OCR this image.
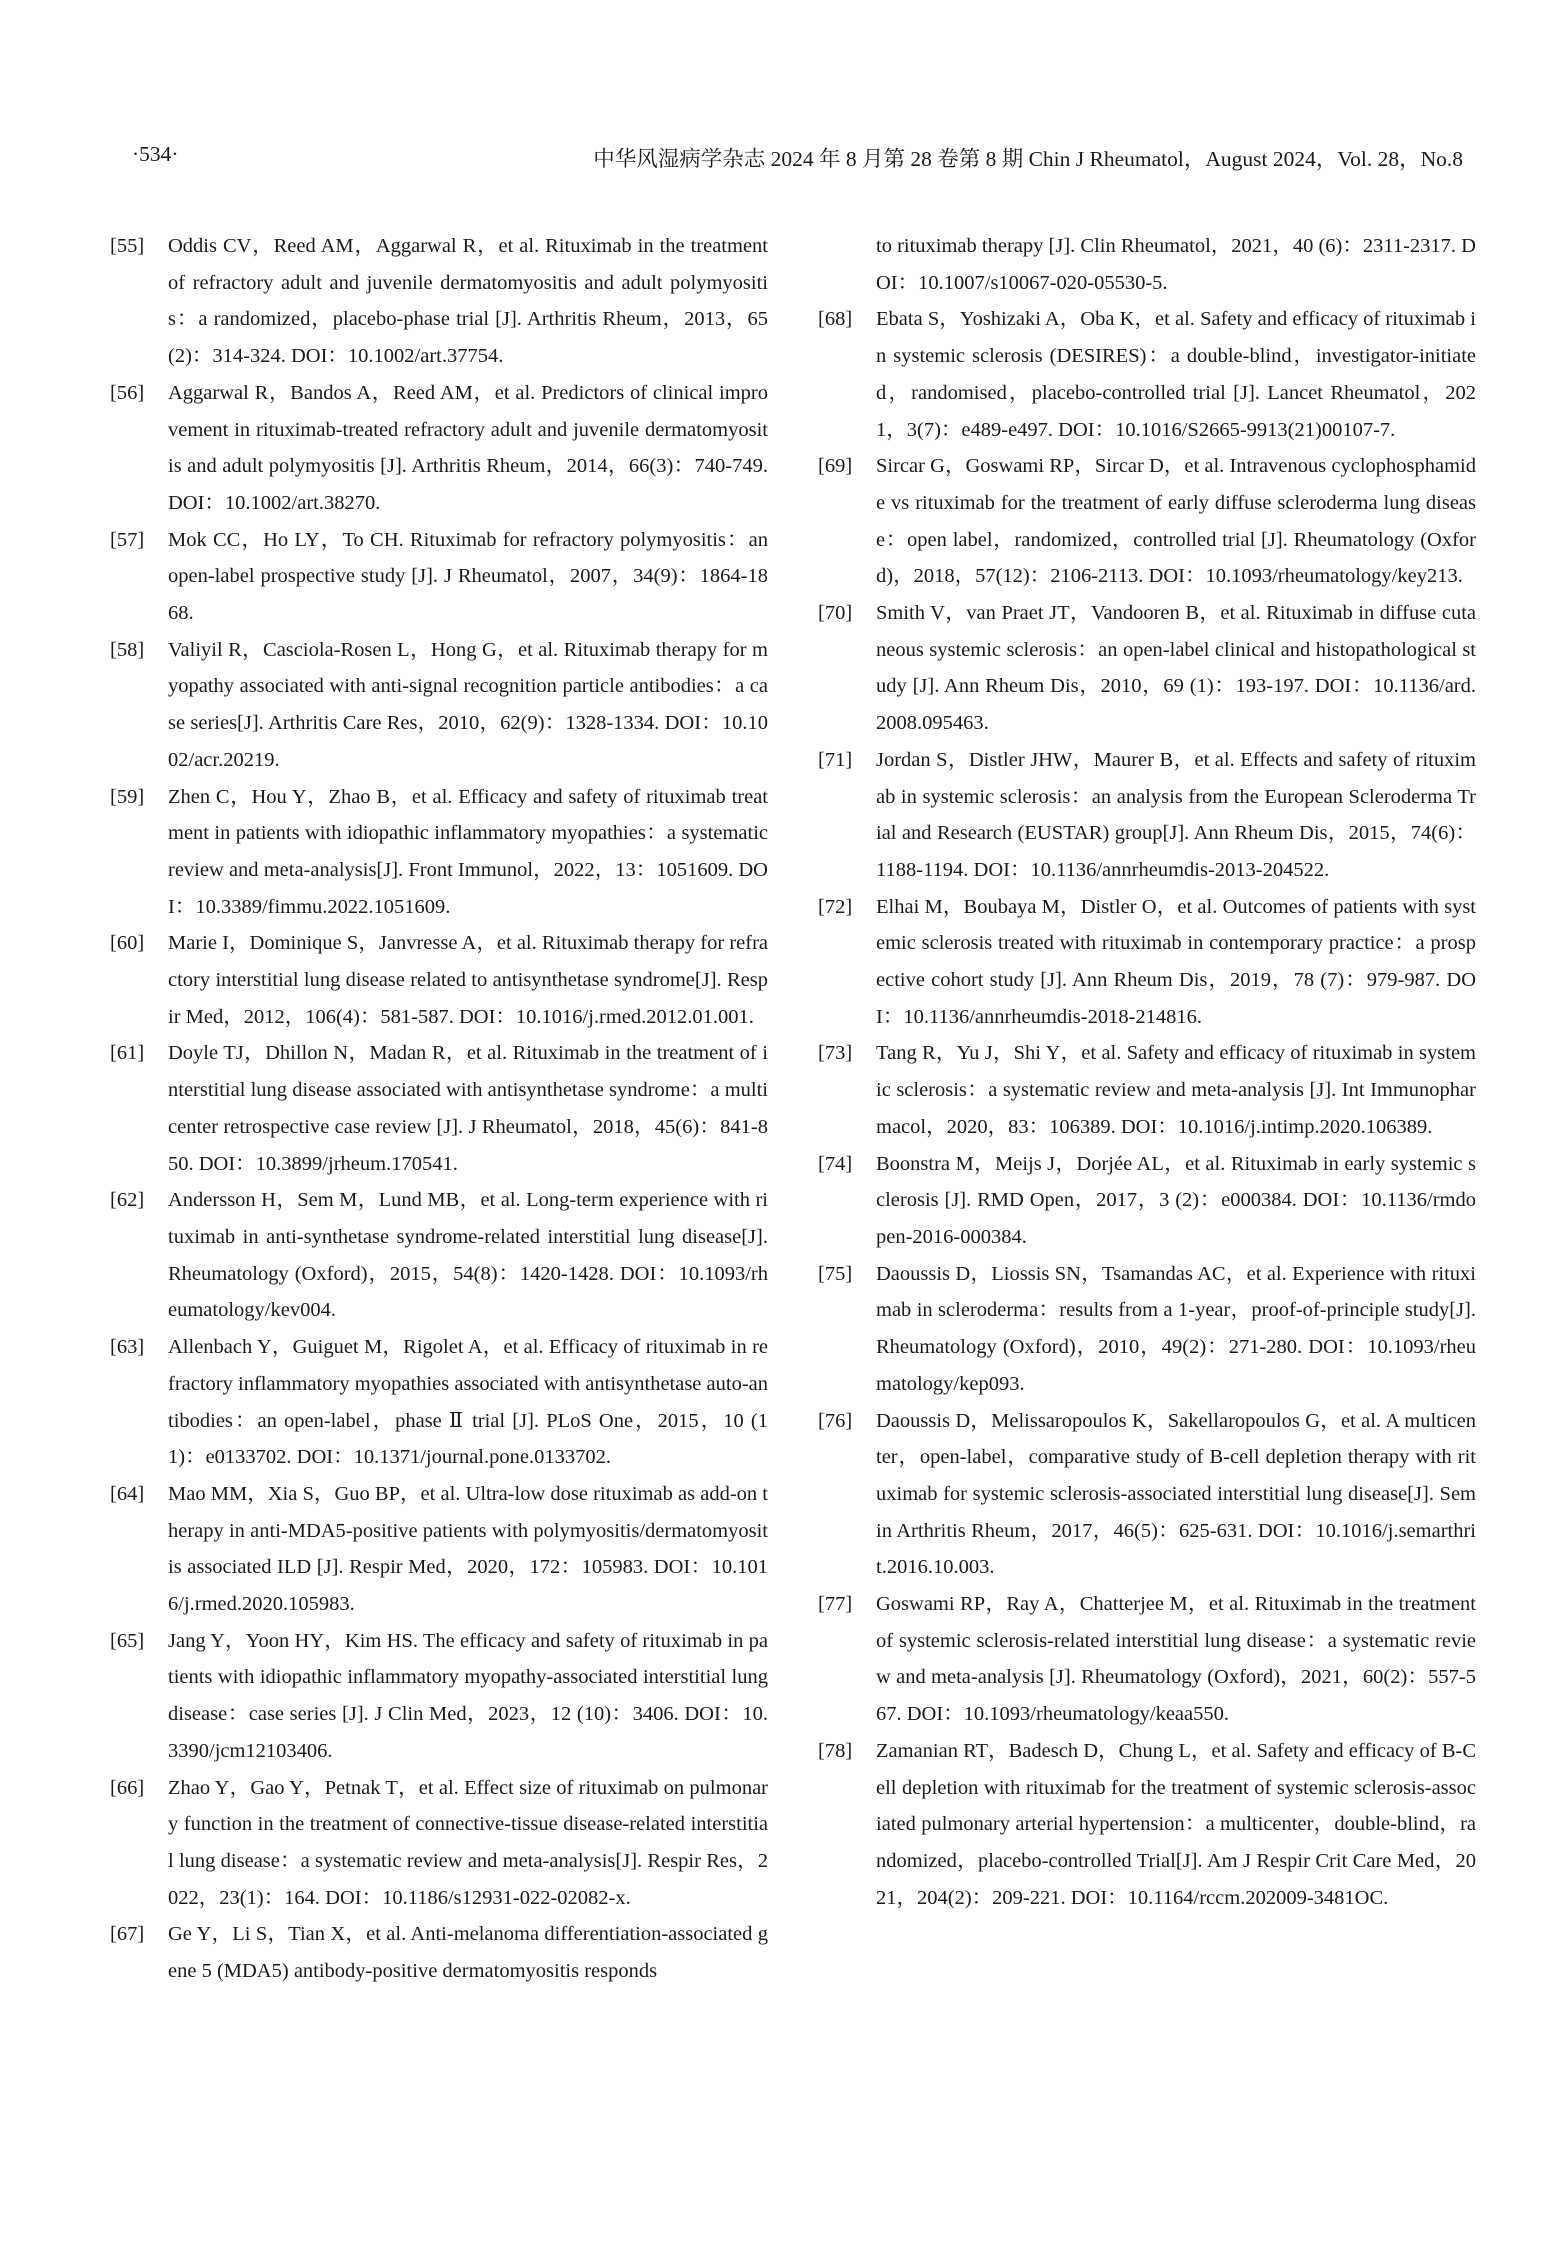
·534·	中华风湿病学杂志 2024 年 8 月第 28 卷第 8 期 Chin J Rheumatol，August 2024，Vol. 28，No.8
[55]	Oddis CV，Reed AM，Aggarwal R，et al. Rituximab in the treatment of refractory adult and juvenile dermatomyositis and adult polymyositis：a randomized，placebo-phase trial [J]. Arthritis Rheum，2013，65(2)：314-324. DOI：10.1002/art.37754.
[56]	Aggarwal R，Bandos A，Reed AM，et al. Predictors of clinical improvement in rituximab-treated refractory adult and juvenile dermatomyositis and adult polymyositis [J]. Arthritis Rheum，2014，66(3)：740-749. DOI：10.1002/art.38270.
[57]	Mok CC，Ho LY，To CH. Rituximab for refractory polymyositis：an open-label prospective study [J]. J Rheumatol，2007，34(9)：1864-1868.
[58]	Valiyil R，Casciola-Rosen L，Hong G，et al. Rituximab therapy for myopathy associated with anti-signal recognition particle antibodies：a case series[J]. Arthritis Care Res，2010，62(9)：1328-1334. DOI：10.1002/acr.20219.
[59]	Zhen C，Hou Y，Zhao B，et al. Efficacy and safety of rituximab treatment in patients with idiopathic inflammatory myopathies：a systematic review and meta-analysis[J]. Front Immunol，2022，13：1051609. DOI：10.3389/fimmu.2022.1051609.
[60]	Marie I，Dominique S，Janvresse A，et al. Rituximab therapy for refractory interstitial lung disease related to antisynthetase syndrome[J]. Respir Med，2012，106(4)：581-587. DOI：10.1016/j.rmed.2012.01.001.
[61]	Doyle TJ，Dhillon N，Madan R，et al. Rituximab in the treatment of interstitial lung disease associated with antisynthetase syndrome：a multicenter retrospective case review [J]. J Rheumatol，2018，45(6)：841-850. DOI：10.3899/jrheum.170541.
[62]	Andersson H，Sem M，Lund MB，et al. Long-term experience with rituximab in anti-synthetase syndrome-related interstitial lung disease[J]. Rheumatology (Oxford)，2015，54(8)：1420-1428. DOI：10.1093/rheumatology/kev004.
[63]	Allenbach Y，Guiguet M，Rigolet A，et al. Efficacy of rituximab in refractory inflammatory myopathies associated with antisynthetase auto-antibodies：an open-label，phase Ⅱ trial [J]. PLoS One，2015，10 (11)：e0133702. DOI：10.1371/journal.pone.0133702.
[64]	Mao MM，Xia S，Guo BP，et al. Ultra-low dose rituximab as add-on therapy in anti-MDA5-positive patients with polymyositis/dermatomyositis associated ILD [J]. Respir Med，2020，172：105983. DOI：10.1016/j.rmed.2020.105983.
[65]	Jang Y，Yoon HY，Kim HS. The efficacy and safety of rituximab in patients with idiopathic inflammatory myopathy-associated interstitial lung disease：case series [J]. J Clin Med，2023，12 (10)：3406. DOI：10.3390/jcm12103406.
[66]	Zhao Y，Gao Y，Petnak T，et al. Effect size of rituximab on pulmonary function in the treatment of connective-tissue disease-related interstitial lung disease：a systematic review and meta-analysis[J]. Respir Res，2022，23(1)：164. DOI：10.1186/s12931-022-02082-x.
[67]	Ge Y，Li S，Tian X，et al. Anti-melanoma differentiation-associated gene 5 (MDA5) antibody-positive dermatomyositis responds
to rituximab therapy [J]. Clin Rheumatol，2021，40 (6)：2311-2317. DOI：10.1007/s10067-020-05530-5.
[68]	Ebata S，Yoshizaki A，Oba K，et al. Safety and efficacy of rituximab in systemic sclerosis (DESIRES)：a double-blind，investigator-initiated，randomised，placebo-controlled trial [J]. Lancet Rheumatol，2021，3(7)：e489-e497. DOI：10.1016/S2665-9913(21)00107-7.
[69]	Sircar G，Goswami RP，Sircar D，et al. Intravenous cyclophosphamide vs rituximab for the treatment of early diffuse scleroderma lung disease：open label，randomized，controlled trial [J]. Rheumatology (Oxford)，2018，57(12)：2106-2113. DOI：10.1093/rheumatology/key213.
[70]	Smith V，van Praet JT，Vandooren B，et al. Rituximab in diffuse cutaneous systemic sclerosis：an open-label clinical and histopathological study [J]. Ann Rheum Dis，2010，69 (1)：193-197. DOI：10.1136/ard.2008.095463.
[71]	Jordan S，Distler JHW，Maurer B，et al. Effects and safety of rituximab in systemic sclerosis：an analysis from the European Scleroderma Trial and Research (EUSTAR) group[J]. Ann Rheum Dis，2015，74(6)：1188-1194. DOI：10.1136/annrheumdis-2013-204522.
[72]	Elhai M，Boubaya M，Distler O，et al. Outcomes of patients with systemic sclerosis treated with rituximab in contemporary practice：a prospective cohort study [J]. Ann Rheum Dis，2019，78 (7)：979-987. DOI：10.1136/annrheumdis-2018-214816.
[73]	Tang R，Yu J，Shi Y，et al. Safety and efficacy of rituximab in systemic sclerosis：a systematic review and meta-analysis [J]. Int Immunopharmacol，2020，83：106389. DOI：10.1016/j.intimp.2020.106389.
[74]	Boonstra M，Meijs J，Dorjée AL，et al. Rituximab in early systemic sclerosis [J]. RMD Open，2017，3 (2)：e000384. DOI：10.1136/rmdopen-2016-000384.
[75]	Daoussis D，Liossis SN，Tsamandas AC，et al. Experience with rituximab in scleroderma：results from a 1-year，proof-of-principle study[J]. Rheumatology (Oxford)，2010，49(2)：271-280. DOI：10.1093/rheumatology/kep093.
[76]	Daoussis D，Melissaropoulos K，Sakellaropoulos G，et al. A multicenter，open-label，comparative study of B-cell depletion therapy with rituximab for systemic sclerosis-associated interstitial lung disease[J]. Semin Arthritis Rheum，2017，46(5)：625-631. DOI：10.1016/j.semarthrit.2016.10.003.
[77]	Goswami RP，Ray A，Chatterjee M，et al. Rituximab in the treatment of systemic sclerosis-related interstitial lung disease：a systematic review and meta-analysis [J]. Rheumatology (Oxford)，2021，60(2)：557-567. DOI：10.1093/rheumatology/keaa550.
[78]	Zamanian RT，Badesch D，Chung L，et al. Safety and efficacy of B-Cell depletion with rituximab for the treatment of systemic sclerosis-associated pulmonary arterial hypertension：a multicenter，double-blind，randomized，placebo-controlled Trial[J]. Am J Respir Crit Care Med，2021，204(2)：209-221. DOI：10.1164/rccm.202009-3481OC.
